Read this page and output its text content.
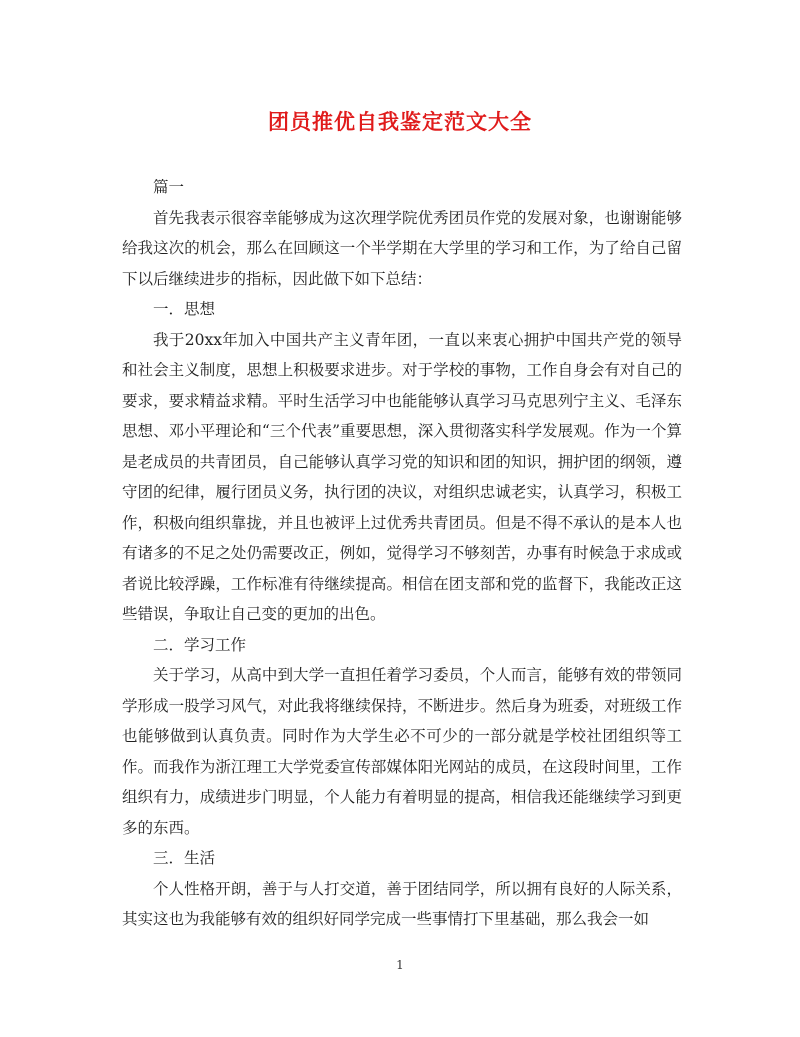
团员推优自我鉴定范文大全

篇一

首先我表示很容幸能够成为这次理学院优秀团员作党的发展对象，也谢谢能够给我这次的机会，那么在回顾这一个半学期在大学里的学习和工作，为了给自己留下以后继续进步的指标，因此做下如下总结：

一．思想

我于20xx年加入中国共产主义青年团，一直以来衷心拥护中国共产党的领导和社会主义制度，思想上积极要求进步。对于学校的事物，工作自身会有对自己的要求，要求精益求精。平时生活学习中也能能够认真学习马克思列宁主义、毛泽东思想、邓小平理论和“三个代表”重要思想，深入贯彻落实科学发展观。作为一个算是老成员的共青团员，自己能够认真学习党的知识和团的知识，拥护团的纲领，遵守团的纪律，履行团员义务，执行团的决议，对组织忠诚老实，认真学习，积极工作，积极向组织靠拢，并且也被评上过优秀共青团员。但是不得不承认的是本人也有诸多的不足之处仍需要改正，例如，觉得学习不够刻苦，办事有时候急于求成或者说比较浮躁，工作标准有待继续提高。相信在团支部和党的监督下，我能改正这些错误，争取让自己变的更加的出色。

二．学习工作

关于学习，从高中到大学一直担任着学习委员，个人而言，能够有效的带领同学形成一股学习风气，对此我将继续保持，不断进步。然后身为班委，对班级工作也能够做到认真负责。同时作为大学生必不可少的一部分就是学校社团组织等工作。而我作为浙江理工大学党委宣传部媒体阳光网站的成员，在这段时间里，工作组织有力，成绩进步门明显，个人能力有着明显的提高，相信我还能继续学习到更多的东西。

三．生活

个人性格开朗，善于与人打交道，善于团结同学，所以拥有良好的人际关系，其实这也为我能够有效的组织好同学完成一些事情打下里基础，那么我会一如

1
